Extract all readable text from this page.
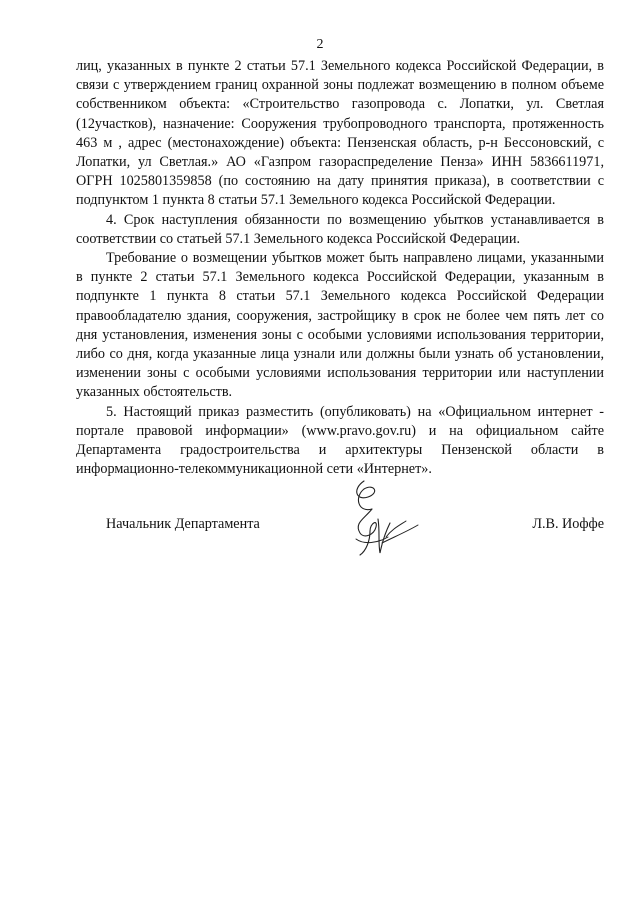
2

лиц, указанных в пункте 2 статьи 57.1 Земельного кодекса Российской Федерации, в связи с утверждением границ охранной зоны подлежат возмещению в полном объеме собственником объекта: «Строительство газопровода с. Лопатки, ул. Светлая (12участков), назначение: Сооружения трубопроводного транспорта, протяженность 463 м , адрес (местонахождение) объекта: Пензенская область, р-н Бессоновский, с Лопатки, ул Светлая.» АО «Газпром газораспределение Пенза» ИНН 5836611971, ОГРН 1025801359858 (по состоянию на дату принятия приказа), в соответствии с подпунктом 1 пункта 8 статьи 57.1 Земельного кодекса Российской Федерации.

4. Срок наступления обязанности по возмещению убытков устанавливается в соответствии со статьей 57.1 Земельного кодекса Российской Федерации.

Требование о возмещении убытков может быть направлено лицами, указанными в пункте 2 статьи 57.1 Земельного кодекса Российской Федерации, указанным в подпункте 1 пункта 8 статьи 57.1 Земельного кодекса Российской Федерации правообладателю здания, сооружения, застройщику в срок не более чем пять лет со дня установления, изменения зоны с особыми условиями использования территории, либо со дня, когда указанные лица узнали или должны были узнать об установлении, изменении зоны с особыми условиями использования территории или наступлении указанных обстоятельств.

5. Настоящий приказ разместить (опубликовать) на «Официальном интернет - портале правовой информации» (www.pravo.gov.ru) и на официальном сайте Департамента градостроительства и архитектуры Пензенской области в информационно-телекоммуникационной сети «Интернет».

Начальник Департамента	Л.В. Иоффе
